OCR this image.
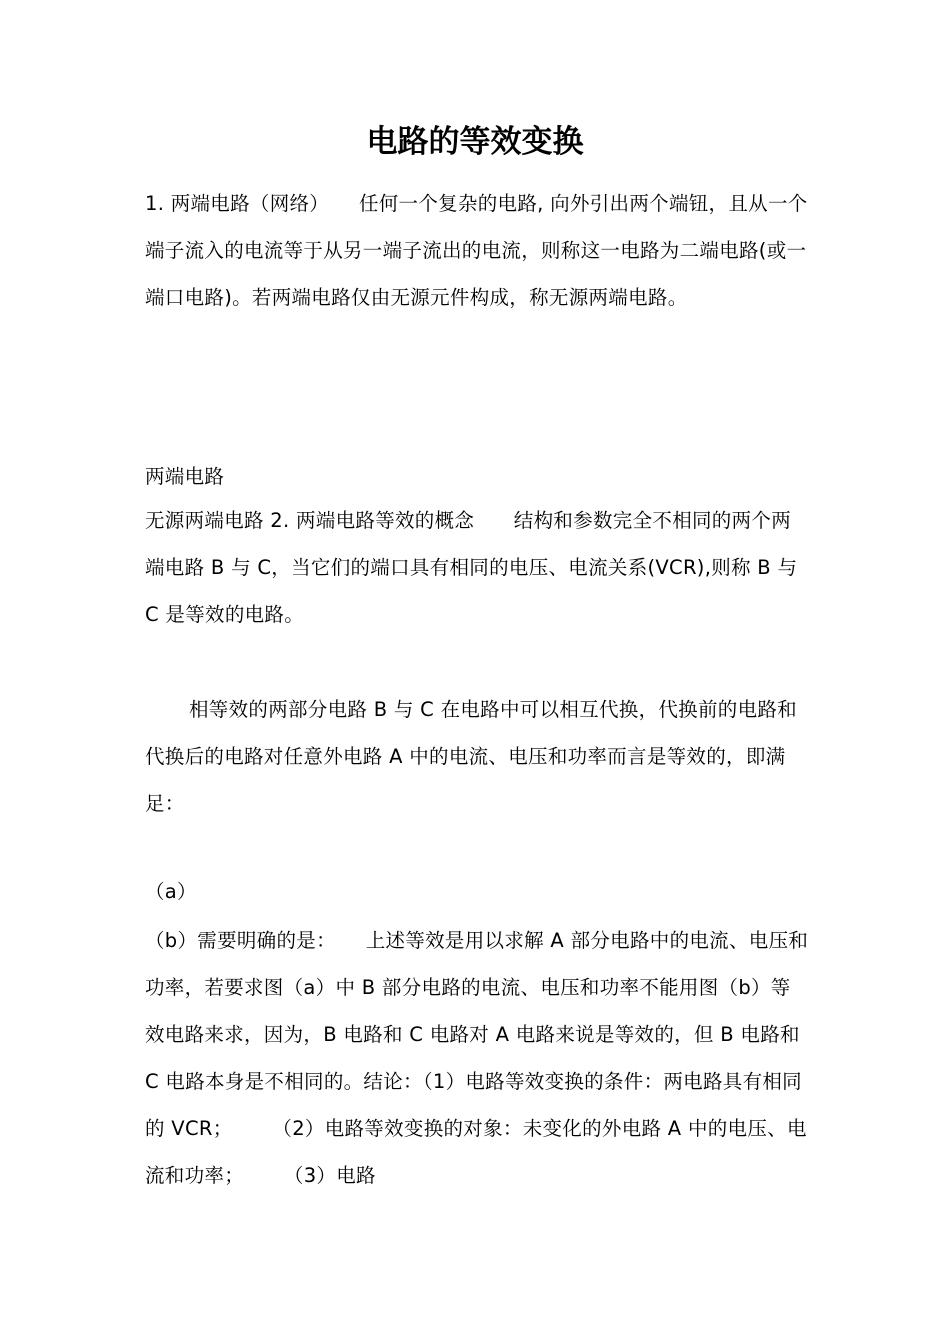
电路的等效变换

1. 两端电路（网络）　　任何一个复杂的电路, 向外引出两个端钮，且从一个端子流入的电流等于从另一端子流出的电流，则称这一电路为二端电路(或一端口电路)。若两端电路仅由无源元件构成，称无源两端电路。

两端电路

无源两端电路 2. 两端电路等效的概念　　结构和参数完全不相同的两个两端电路 B 与 C，当它们的端口具有相同的电压、电流关系(VCR),则称 B 与 C 是等效的电路。

相等效的两部分电路 B 与 C 在电路中可以相互代换，代换前的电路和代换后的电路对任意外电路 A 中的电流、电压和功率而言是等效的，即满足：

（a）

（b）需要明确的是：　　上述等效是用以求解 A 部分电路中的电流、电压和功率，若要求图（a）中 B 部分电路的电流、电压和功率不能用图（b）等效电路来求，因为，B 电路和 C 电路对 A 电路来说是等效的，但 B 电路和 C 电路本身是不相同的。结论：（1）电路等效变换的条件：两电路具有相同的 VCR；　　　（2）电路等效变换的对象：未变化的外电路 A 中的电压、电流和功率；　　　（3）电路
